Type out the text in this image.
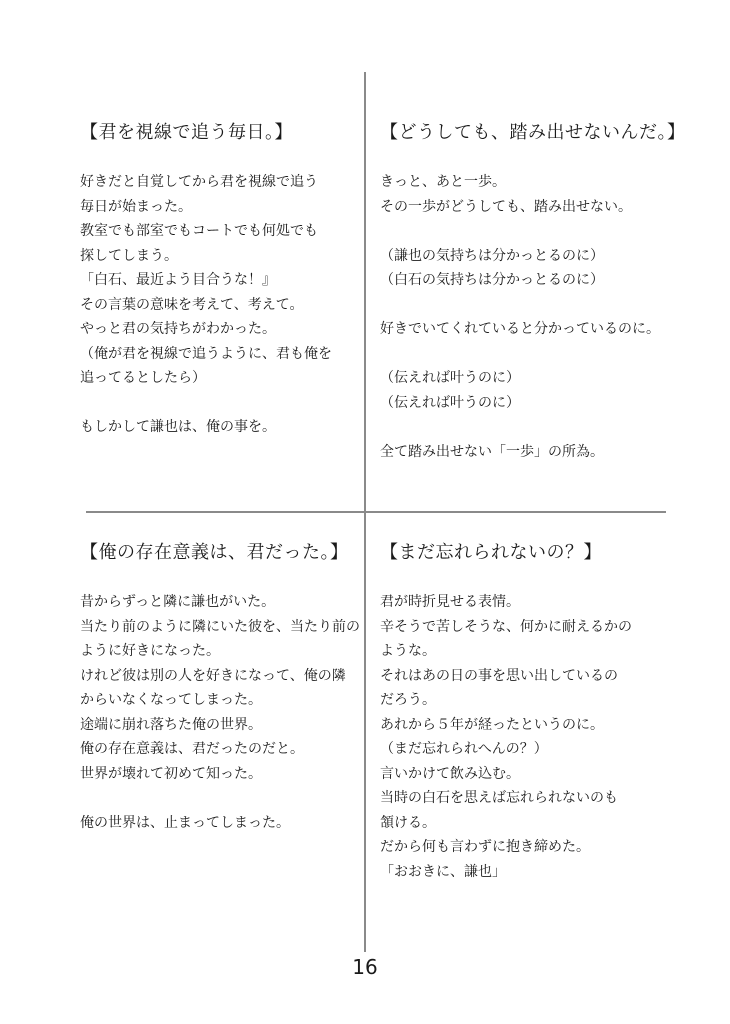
【君を視線で追う毎日。】
好きだと自覚してから君を視線で追う
毎日が始まった。
教室でも部室でもコートでも何処でも
探してしまう。
「白石、最近よう目合うな！』
その言葉の意味を考えて、考えて。
やっと君の気持ちがわかった。
（俺が君を視線で追うように、君も俺を
追ってるとしたら）
もしかして謙也は、俺の事を。
【どうしても、踏み出せないんだ。】
きっと、あと一歩。
その一歩がどうしても、踏み出せない。
（謙也の気持ちは分かっとるのに）
（白石の気持ちは分かっとるのに）
好きでいてくれていると分かっているのに。
（伝えれば叶うのに）
（伝えれば叶うのに）
全て踏み出せない「一歩」の所為。
【俺の存在意義は、君だった。】
昔からずっと隣に謙也がいた。
当たり前のように隣にいた彼を、当たり前の
ように好きになった。
けれど彼は別の人を好きになって、俺の隣
からいなくなってしまった。
途端に崩れ落ちた俺の世界。
俺の存在意義は、君だったのだと。
世界が壊れて初めて知った。
俺の世界は、止まってしまった。
【まだ忘れられないの？】
君が時折見せる表情。
辛そうで苦しそうな、何かに耐えるかの
ような。
それはあの日の事を思い出しているの
だろう。
あれから５年が経ったというのに。
（まだ忘れられへんの？）
言いかけて飲み込む。
当時の白石を思えば忘れられないのも
頷ける。
だから何も言わずに抱き締めた。
「おおきに、謙也」
16
